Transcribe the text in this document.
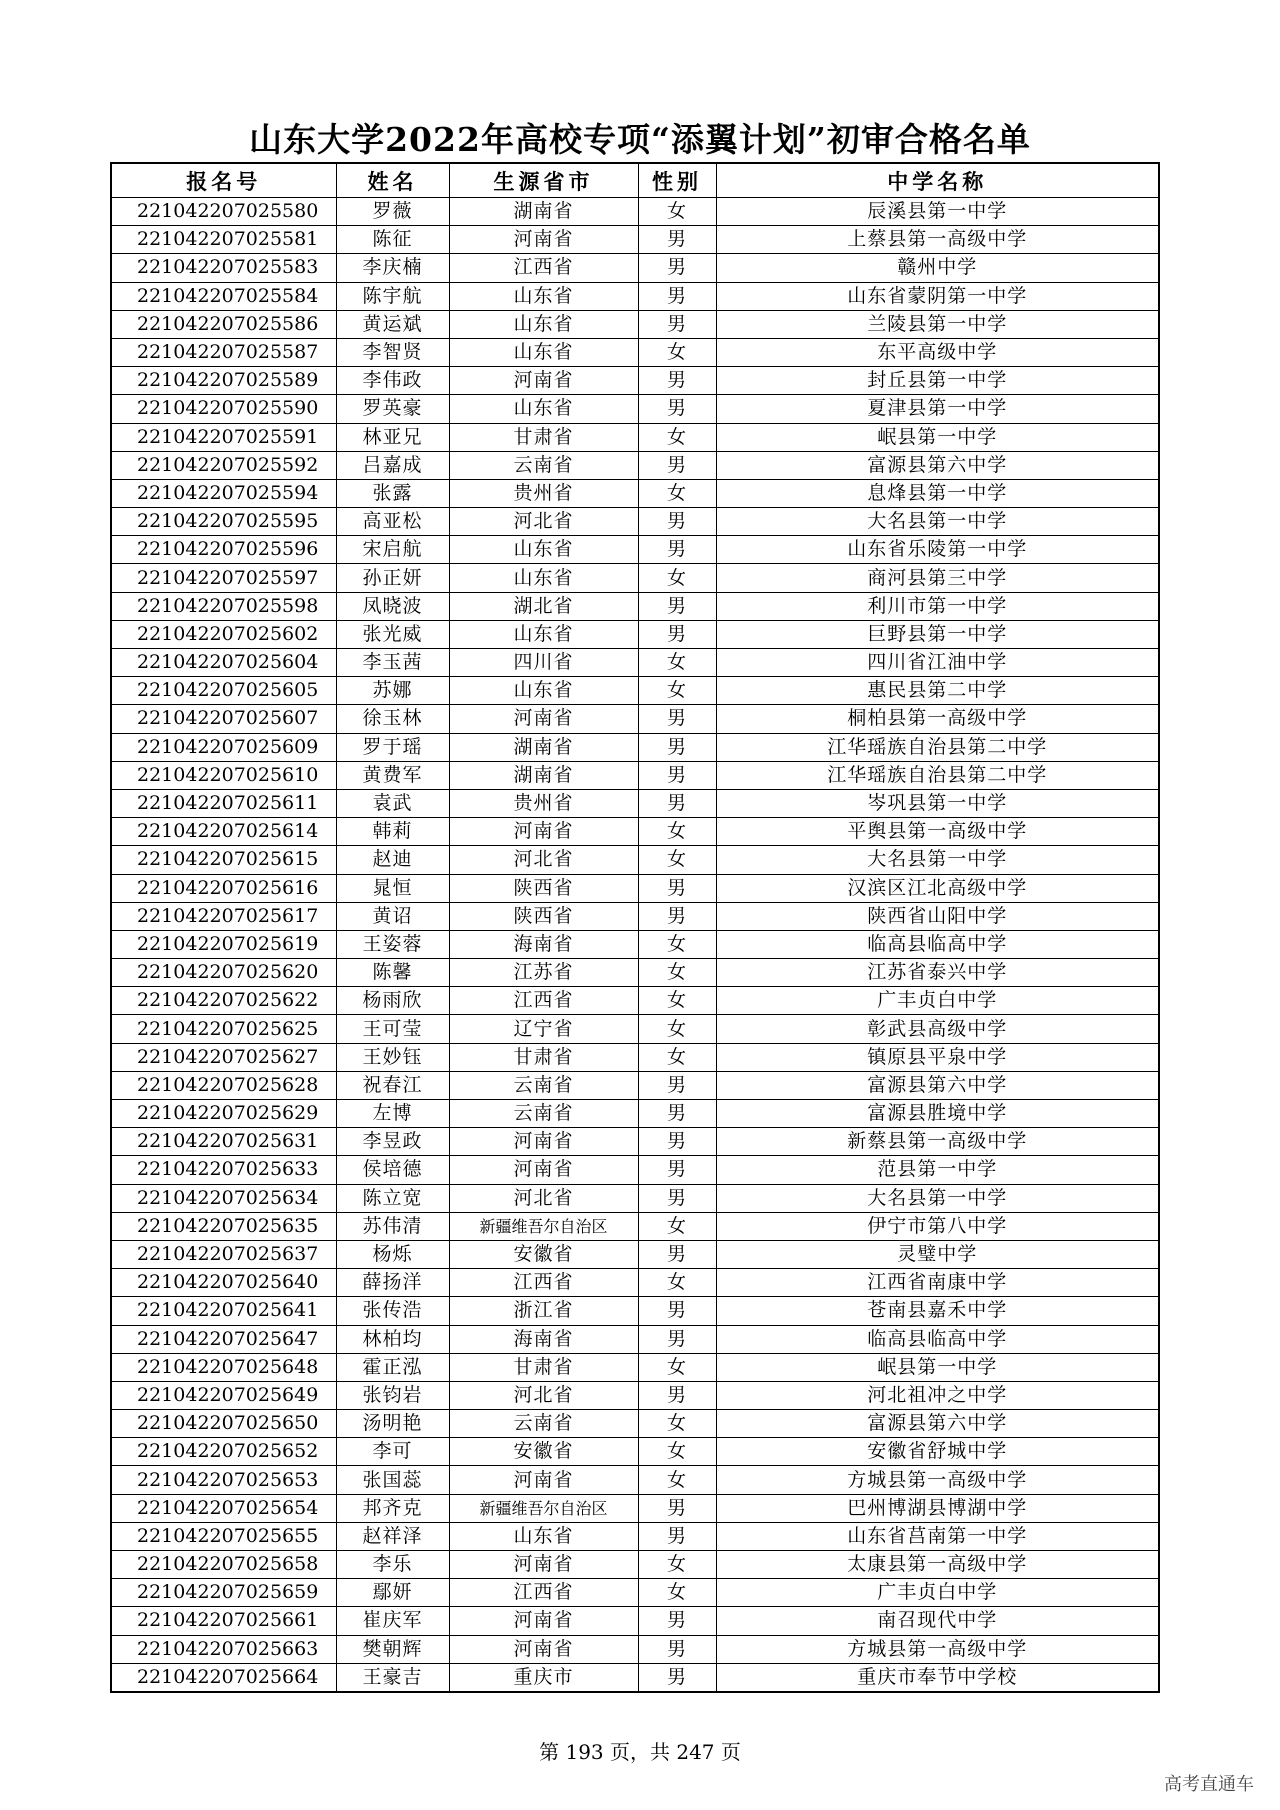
山东大学2022年高校专项“添翼计划”初审合格名单
报名号	姓名	生源省市	性别	中学名称
221042207025580	罗薇	湖南省	女	辰溪县第一中学
221042207025581	陈征	河南省	男	上蔡县第一高级中学
221042207025583	李庆楠	江西省	男	赣州中学
221042207025584	陈宇航	山东省	男	山东省蒙阴第一中学
221042207025586	黄运斌	山东省	男	兰陵县第一中学
221042207025587	李智贤	山东省	女	东平高级中学
221042207025589	李伟政	河南省	男	封丘县第一中学
221042207025590	罗英豪	山东省	男	夏津县第一中学
221042207025591	林亚兄	甘肃省	女	岷县第一中学
221042207025592	吕嘉成	云南省	男	富源县第六中学
221042207025594	张露	贵州省	女	息烽县第一中学
221042207025595	高亚松	河北省	男	大名县第一中学
221042207025596	宋启航	山东省	男	山东省乐陵第一中学
221042207025597	孙正妍	山东省	女	商河县第三中学
221042207025598	凤晓波	湖北省	男	利川市第一中学
221042207025602	张光威	山东省	男	巨野县第一中学
221042207025604	李玉茜	四川省	女	四川省江油中学
221042207025605	苏娜	山东省	女	惠民县第二中学
221042207025607	徐玉林	河南省	男	桐柏县第一高级中学
221042207025609	罗于瑶	湖南省	男	江华瑶族自治县第二中学
221042207025610	黄费军	湖南省	男	江华瑶族自治县第二中学
221042207025611	袁武	贵州省	男	岑巩县第一中学
221042207025614	韩莉	河南省	女	平舆县第一高级中学
221042207025615	赵迪	河北省	女	大名县第一中学
221042207025616	晁恒	陕西省	男	汉滨区江北高级中学
221042207025617	黄诏	陕西省	男	陕西省山阳中学
221042207025619	王姿蓉	海南省	女	临高县临高中学
221042207025620	陈馨	江苏省	女	江苏省泰兴中学
221042207025622	杨雨欣	江西省	女	广丰贞白中学
221042207025625	王可莹	辽宁省	女	彰武县高级中学
221042207025627	王妙钰	甘肃省	女	镇原县平泉中学
221042207025628	祝春江	云南省	男	富源县第六中学
221042207025629	左博	云南省	男	富源县胜境中学
221042207025631	李昱政	河南省	男	新蔡县第一高级中学
221042207025633	侯培德	河南省	男	范县第一中学
221042207025634	陈立宽	河北省	男	大名县第一中学
221042207025635	苏伟清	新疆维吾尔自治区	女	伊宁市第八中学
221042207025637	杨烁	安徽省	男	灵璧中学
221042207025640	薛扬洋	江西省	女	江西省南康中学
221042207025641	张传浩	浙江省	男	苍南县嘉禾中学
221042207025647	林柏均	海南省	男	临高县临高中学
221042207025648	霍正泓	甘肃省	女	岷县第一中学
221042207025649	张钧岩	河北省	男	河北祖冲之中学
221042207025650	汤明艳	云南省	女	富源县第六中学
221042207025652	李可	安徽省	女	安徽省舒城中学
221042207025653	张国蕊	河南省	女	方城县第一高级中学
221042207025654	邦齐克	新疆维吾尔自治区	男	巴州博湖县博湖中学
221042207025655	赵祥泽	山东省	男	山东省莒南第一中学
221042207025658	李乐	河南省	女	太康县第一高级中学
221042207025659	鄢妍	江西省	女	广丰贞白中学
221042207025661	崔庆军	河南省	男	南召现代中学
221042207025663	樊朝辉	河南省	男	方城县第一高级中学
221042207025664	王豪吉	重庆市	男	重庆市奉节中学校
第 193 页，共 247 页
高考直通车
